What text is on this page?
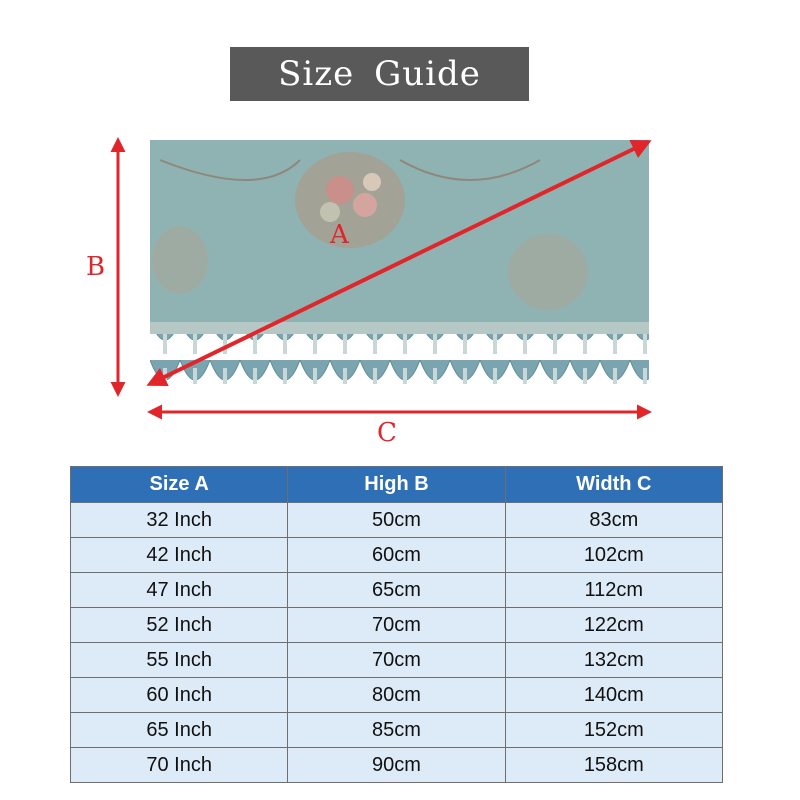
Size Guide
A
B
C
Size A	High B	Width C
32 Inch	50cm	83cm
42 Inch	60cm	102cm
47 Inch	65cm	112cm
52 Inch	70cm	122cm
55 Inch	70cm	132cm
60 Inch	80cm	140cm
65 Inch	85cm	152cm
70 Inch	90cm	158cm
